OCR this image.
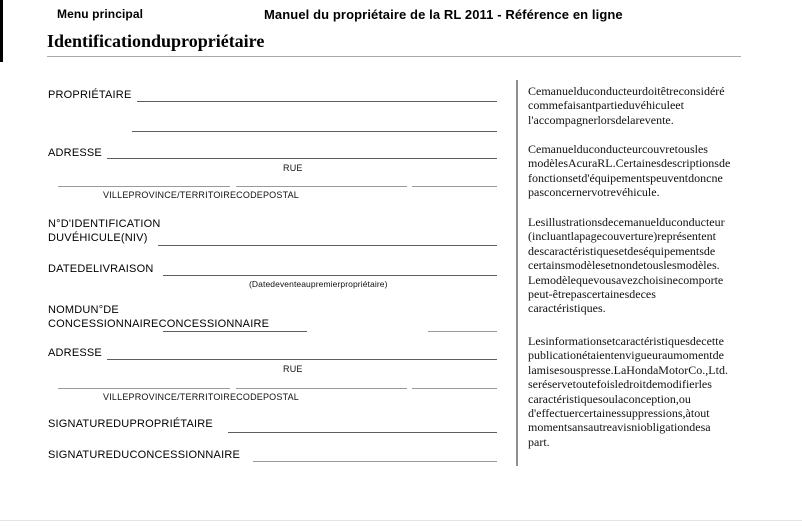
Menu principal	Manuel du propriétaire de la RL 2011 - Référence en ligne
Identificationdupropriétaire
PROPRIÉTAIRE
ADRESSE
RUE
VILLEPROVINCE/TERRITOIRECODEPOSTAL
N°D'IDENTIFICATION
DUVÉHICULE(NIV)
DATEDELIVRAISON
(Datedeventeaupremierpropriétaire)
NOMDUN°DE
CONCESSIONNAIRECONCESSIONNAIRE
ADRESSE
RUE
VILLEPROVINCE/TERRITOIRECODEPOSTAL
SIGNATUREDUPROPRIÉTAIRE
SIGNATUREDUCONCESSIONNAIRE
Cemanuelduconducteurdoitêtreconsidéré
commefaisantpartieduvéhiculeet
l'accompagnerlorsdelarevente.
Cemanuelduconducteurcouvretousles
modèlesAcuraRL.Certainesdescriptionsde
fonctionsetd'équipementspeuventdoncne
pasconcernervotrevéhicule.
Lesillustrationsdecemanuelduconducteur
(incluantlapagecouverture)représentent
descaractéristiquesetdeséquipementsde
certainsmodèlesetnondetouslesmodèles.
Lemodèlequevousavezchoisinecomporte
peut-êtrepascertainesdeces
caractéristiques.
Lesinformationsetcaractéristiquesdecette
publicationétaientenvigueuraumomentde
lamisesouspresse.LaHondaMotorCo.,Ltd.
seréservetoutefoisledroitdemodifierles
caractéristiquesoulaconception,ou
d'effectuercertainessuppressions,àtout
momentsansautreavisniobligationdesa
part.
